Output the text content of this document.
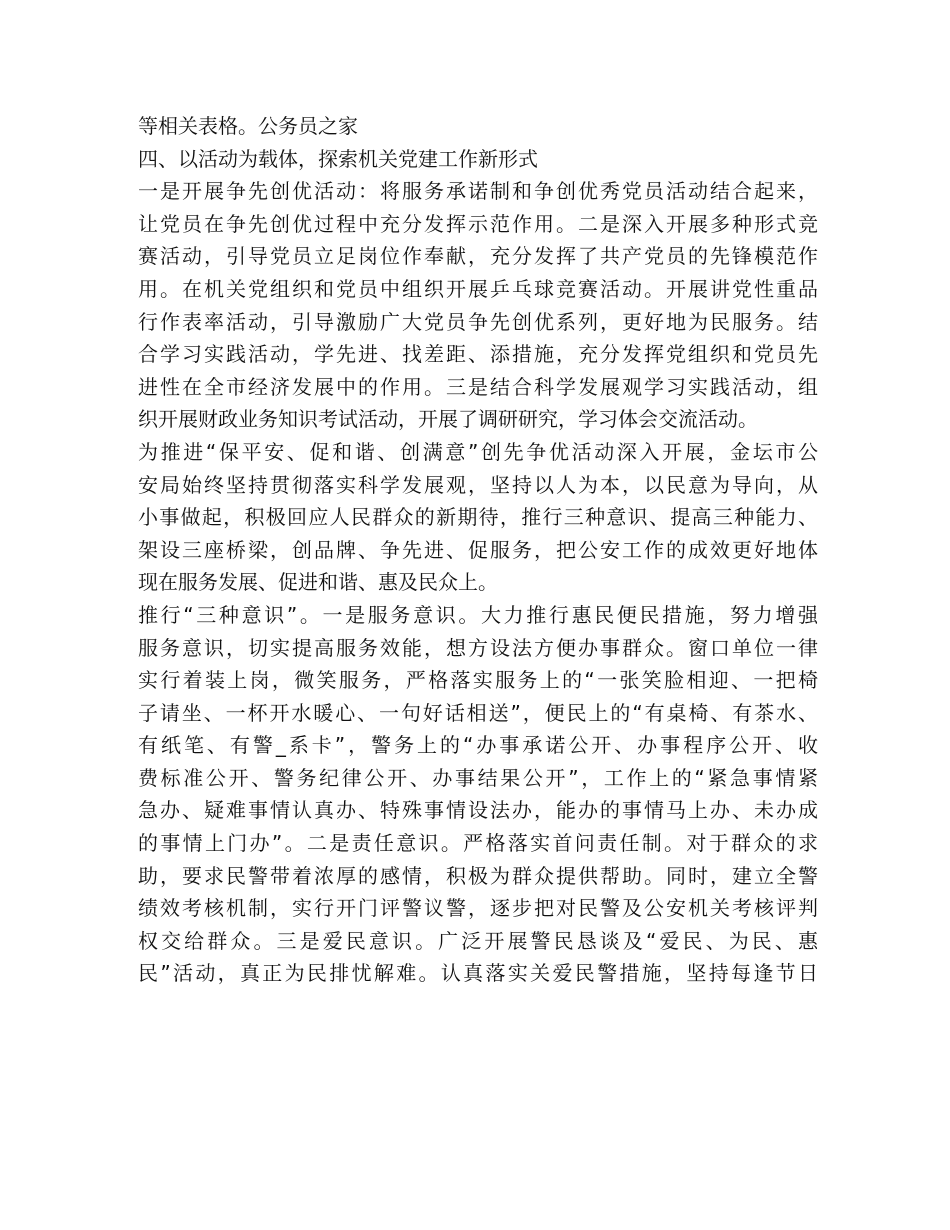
等相关表格。公务员之家
四、以活动为载体，探索机关党建工作新形式
一是开展争先创优活动：将服务承诺制和争创优秀党员活动结合起来，
让党员在争先创优过程中充分发挥示范作用。二是深入开展多种形式竞
赛活动，引导党员立足岗位作奉献，充分发挥了共产党员的先锋模范作
用。在机关党组织和党员中组织开展乒乓球竞赛活动。开展讲党性重品
行作表率活动，引导激励广大党员争先创优系列，更好地为民服务。结
合学习实践活动，学先进、找差距、添措施，充分发挥党组织和党员先
进性在全市经济发展中的作用。三是结合科学发展观学习实践活动，组
织开展财政业务知识考试活动，开展了调研研究，学习体会交流活动。
为推进“保平安、促和谐、创满意”创先争优活动深入开展，金坛市公
安局始终坚持贯彻落实科学发展观，坚持以人为本，以民意为导向，从
小事做起，积极回应人民群众的新期待，推行三种意识、提高三种能力、
架设三座桥梁，创品牌、争先进、促服务，把公安工作的成效更好地体
现在服务发展、促进和谐、惠及民众上。
推行“三种意识”。一是服务意识。大力推行惠民便民措施，努力增强
服务意识，切实提高服务效能，想方设法方便办事群众。窗口单位一律
实行着装上岗，微笑服务，严格落实服务上的“一张笑脸相迎、一把椅
子请坐、一杯开水暖心、一句好话相送”，便民上的“有桌椅、有茶水、
有纸笔、有警_系卡”，警务上的“办事承诺公开、办事程序公开、收
费标准公开、警务纪律公开、办事结果公开”，工作上的“紧急事情紧
急办、疑难事情认真办、特殊事情设法办，能办的事情马上办、未办成
的事情上门办”。二是责任意识。严格落实首问责任制。对于群众的求
助，要求民警带着浓厚的感情，积极为群众提供帮助。同时，建立全警
绩效考核机制，实行开门评警议警，逐步把对民警及公安机关考核评判
权交给群众。三是爱民意识。广泛开展警民恳谈及“爱民、为民、惠
民”活动，真正为民排忧解难。认真落实关爱民警措施，坚持每逢节日
